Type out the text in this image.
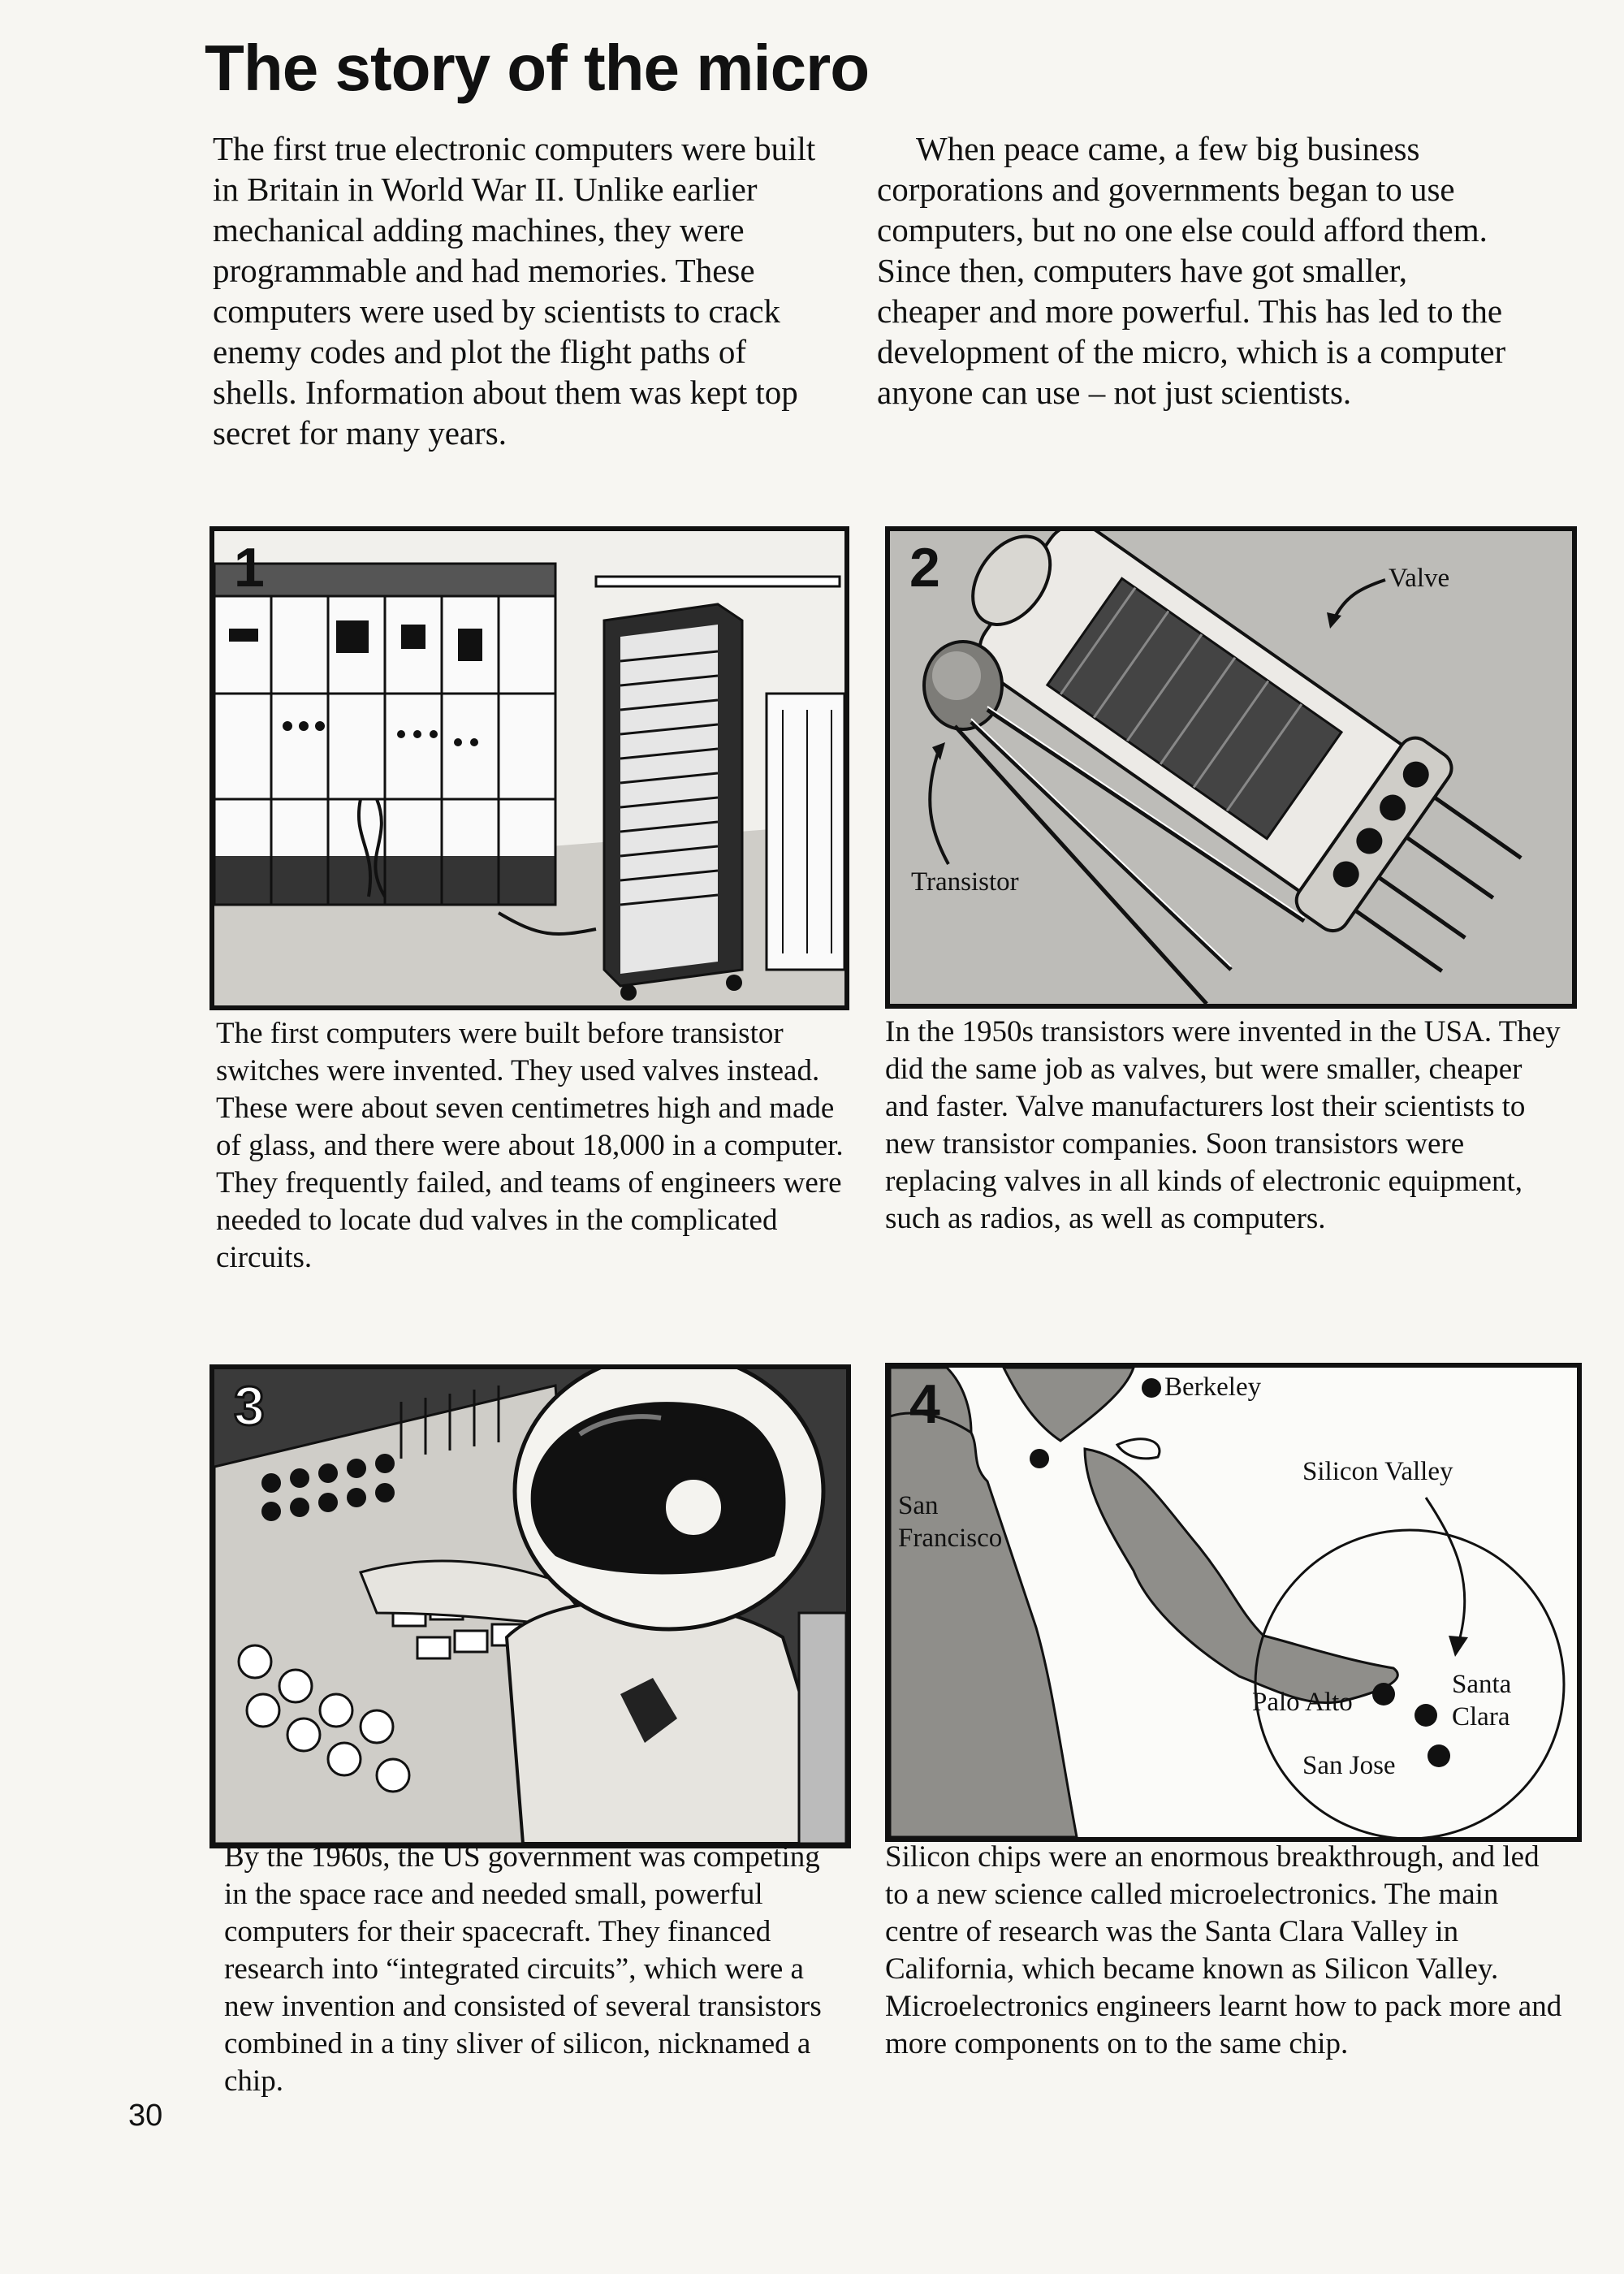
The story of the micro

The first true electronic computers were built in Britain in World War II. Unlike earlier mechanical adding machines, they were programmable and had memories. These computers were used by scientists to crack enemy codes and plot the flight paths of shells. Information about them was kept top secret for many years.

When peace came, a few big business corporations and governments began to use computers, but no one else could afford them. Since then, computers have got smaller, cheaper and more powerful. This has led to the development of the micro, which is a computer anyone can use – not just scientists.

1

The first computers were built before transistor switches were invented. They used valves instead. These were about seven centimetres high and made of glass, and there were about 18,000 in a computer. They frequently failed, and teams of engineers were needed to locate dud valves in the complicated circuits.

2	Valve
Transistor

In the 1950s transistors were invented in the USA. They did the same job as valves, but were smaller, cheaper and faster. Valve manufacturers lost their scientists to new transistor companies. Soon transistors were replacing valves in all kinds of electronic equipment, such as radios, as well as computers.

3

By the 1960s, the US government was competing in the space race and needed small, powerful computers for their spacecraft. They financed research into “integrated circuits”, which were a new invention and consisted of several transistors combined in a tiny sliver of silicon, nicknamed a chip.

4	Berkeley
Silicon Valley
San
Francisco
Santa
Clara
Palo Alto
San Jose

Silicon chips were an enormous breakthrough, and led to a new science called microelectronics. The main centre of research was the Santa Clara Valley in California, which became known as Silicon Valley. Microelectronics engineers learnt how to pack more and more components on to the same chip.

30
